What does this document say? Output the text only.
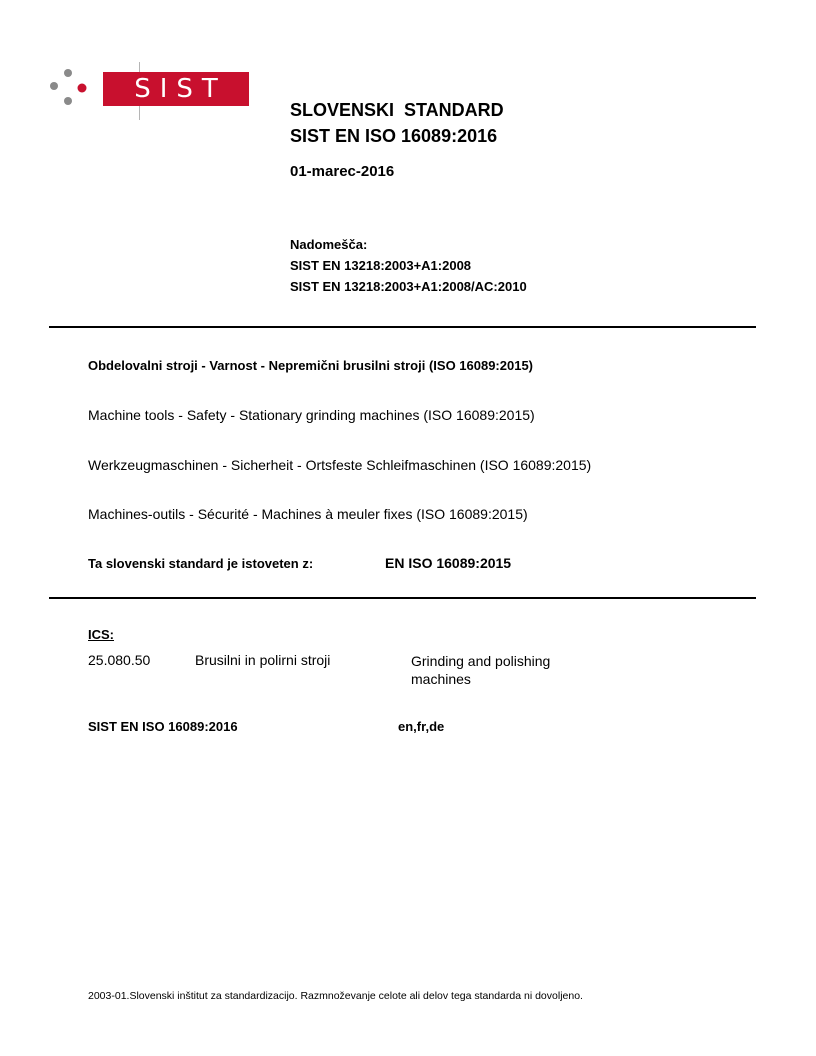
SIST
SLOVENSKI  STANDARD
SIST EN ISO 16089:2016
01-marec-2016
Nadomešča:
SIST EN 13218:2003+A1:2008
SIST EN 13218:2003+A1:2008/AC:2010
Obdelovalni stroji - Varnost - Nepremični brusilni stroji (ISO 16089:2015)
Machine tools - Safety - Stationary grinding machines (ISO 16089:2015)
Werkzeugmaschinen - Sicherheit - Ortsfeste Schleifmaschinen (ISO 16089:2015)
Machines-outils - Sécurité - Machines à meuler fixes (ISO 16089:2015)
Ta slovenski standard je istoveten z:	EN ISO 16089:2015
ICS:
25.080.50	Brusilni in polirni stroji	Grinding and polishing machines
SIST EN ISO 16089:2016	en,fr,de
2003-01.Slovenski inštitut za standardizacijo. Razmnoževanje celote ali delov tega standarda ni dovoljeno.
